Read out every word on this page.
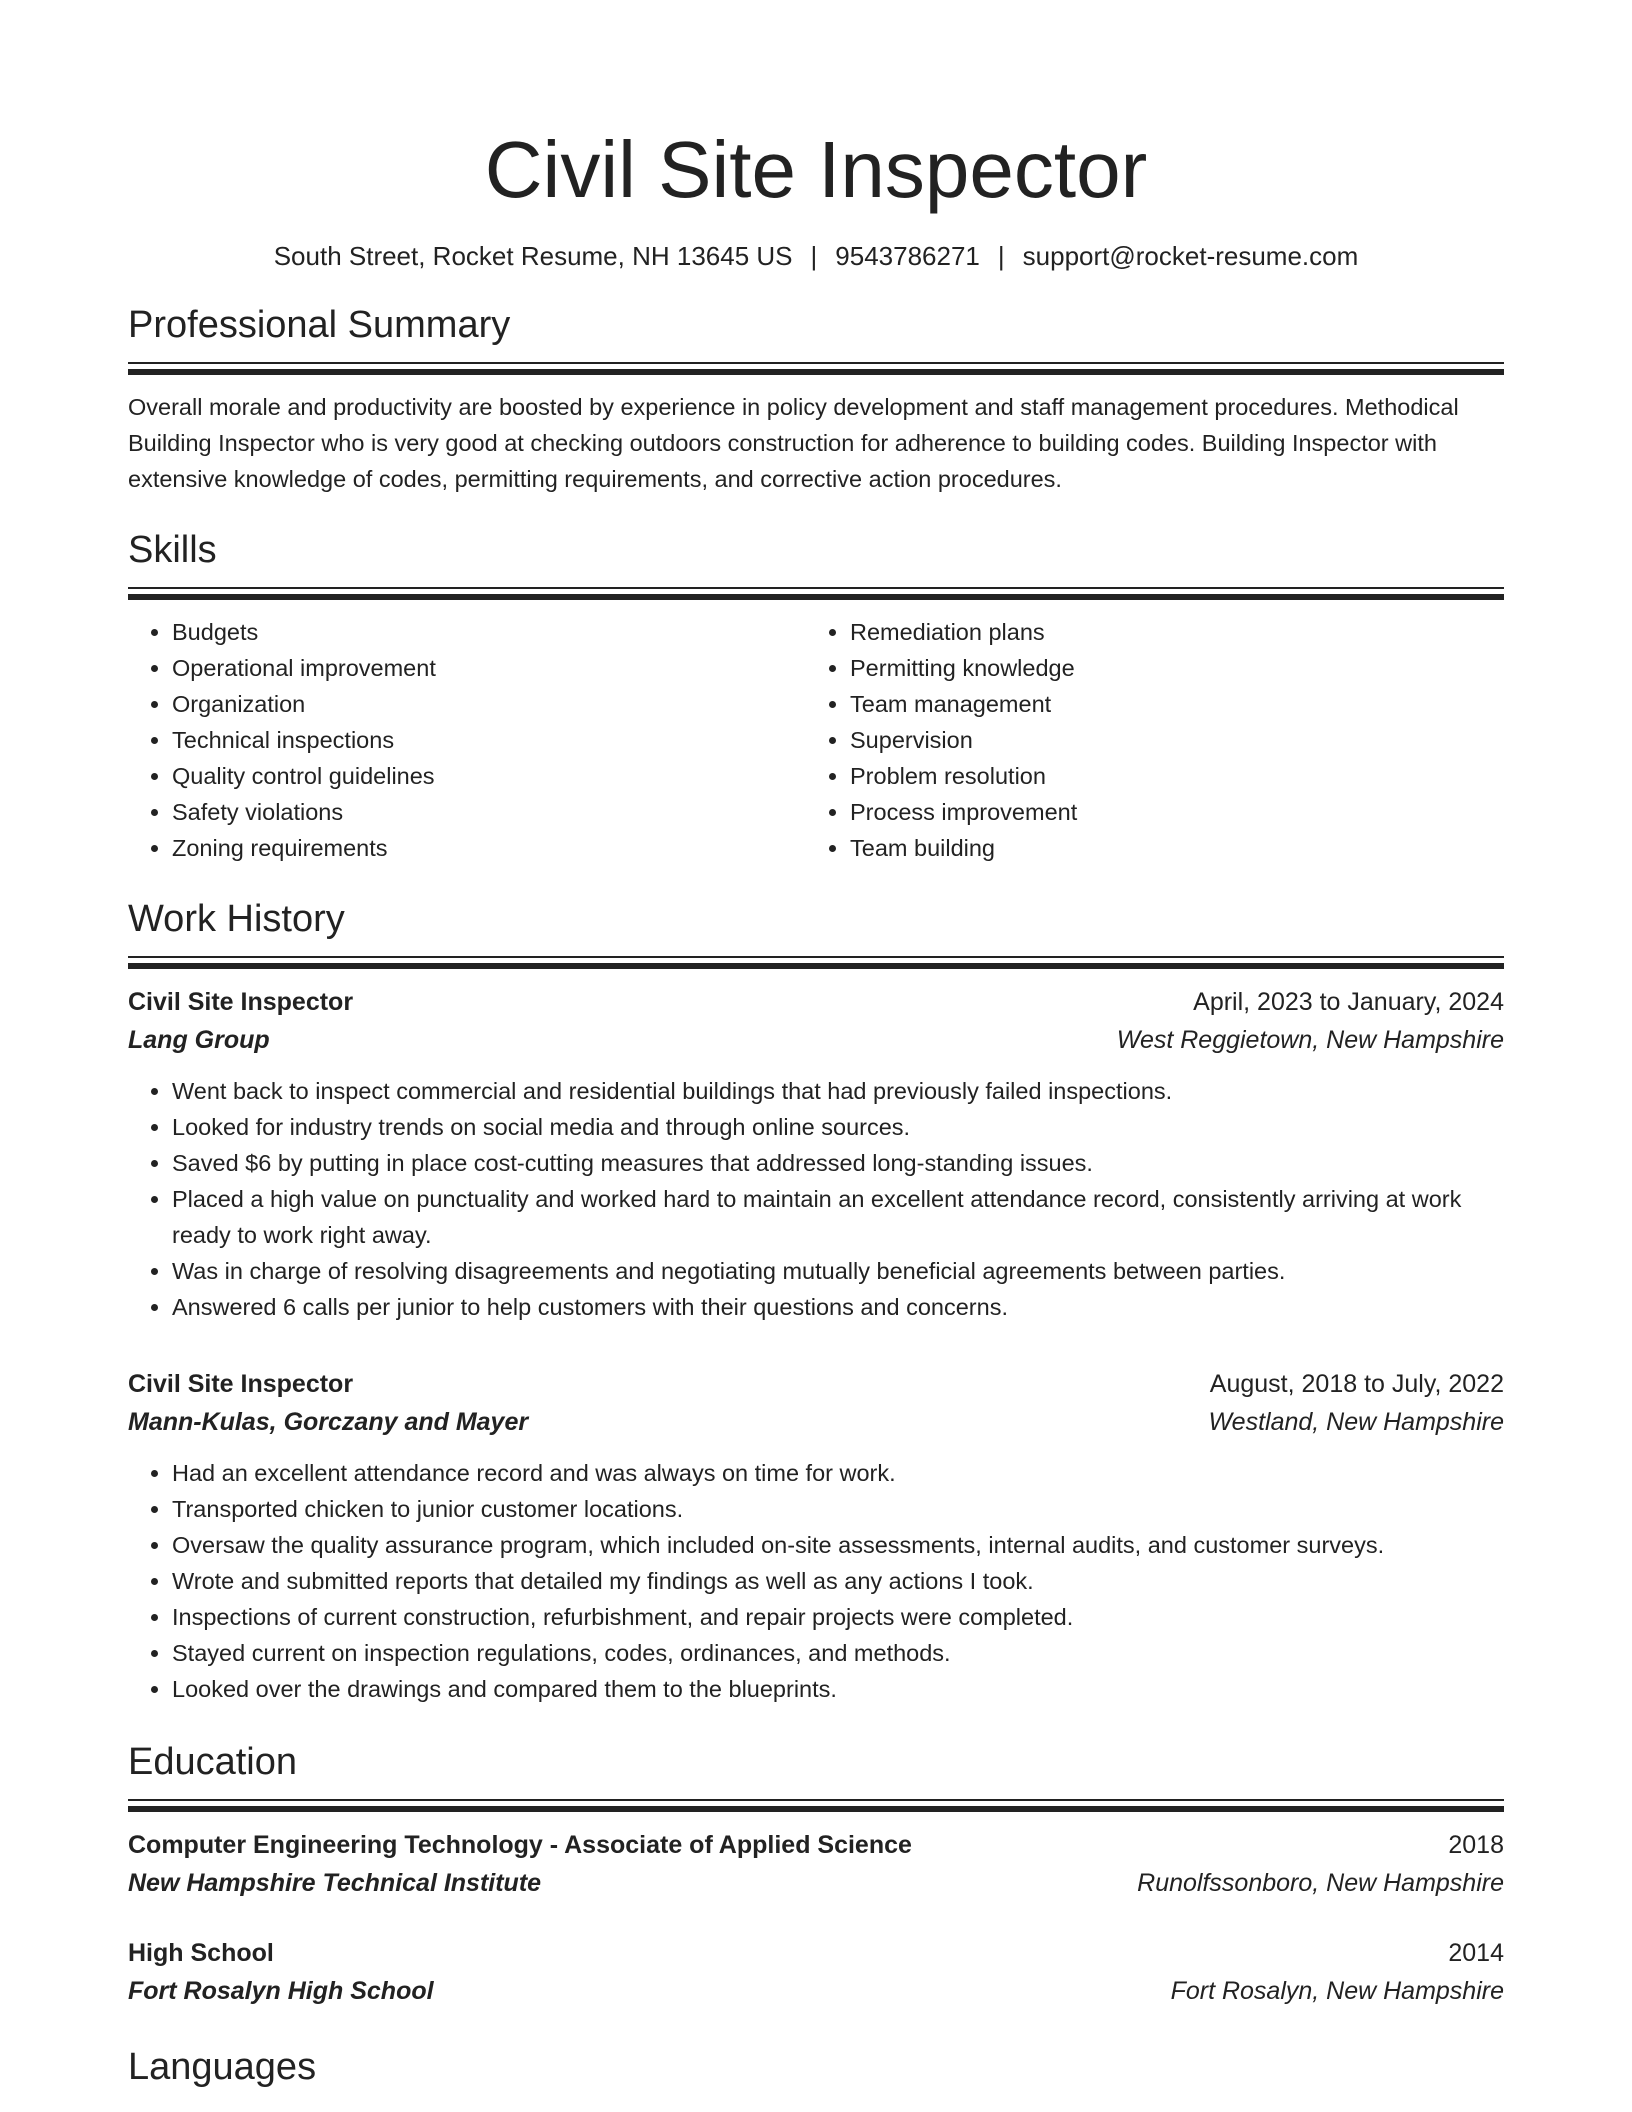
Civil Site Inspector
South Street, Rocket Resume, NH 13645 US | 9543786271 | support@rocket-resume.com
Professional Summary

Overall morale and productivity are boosted by experience in policy development and staff management procedures. Methodical Building Inspector who is very good at checking outdoors construction for adherence to building codes. Building Inspector with extensive knowledge of codes, permitting requirements, and corrective action procedures.

Skills
• Budgets
• Operational improvement
• Organization
• Technical inspections
• Quality control guidelines
• Safety violations
• Zoning requirements
• Remediation plans
• Permitting knowledge
• Team management
• Supervision
• Problem resolution
• Process improvement
• Team building
Work History
Civil Site Inspector	April, 2023 to January, 2024
Lang Group	West Reggietown, New Hampshire
• Went back to inspect commercial and residential buildings that had previously failed inspections.
• Looked for industry trends on social media and through online sources.
• Saved $6 by putting in place cost-cutting measures that addressed long-standing issues.
• Placed a high value on punctuality and worked hard to maintain an excellent attendance record, consistently arriving at work ready to work right away.
• Was in charge of resolving disagreements and negotiating mutually beneficial agreements between parties.
• Answered 6 calls per junior to help customers with their questions and concerns.
Civil Site Inspector	August, 2018 to July, 2022
Mann-Kulas, Gorczany and Mayer	Westland, New Hampshire
• Had an excellent attendance record and was always on time for work.
• Transported chicken to junior customer locations.
• Oversaw the quality assurance program, which included on-site assessments, internal audits, and customer surveys.
• Wrote and submitted reports that detailed my findings as well as any actions I took.
• Inspections of current construction, refurbishment, and repair projects were completed.
• Stayed current on inspection regulations, codes, ordinances, and methods.
• Looked over the drawings and compared them to the blueprints.
Education
Computer Engineering Technology - Associate of Applied Science	2018
New Hampshire Technical Institute	Runolfssonboro, New Hampshire
High School	2014
Fort Rosalyn High School	Fort Rosalyn, New Hampshire
Languages
